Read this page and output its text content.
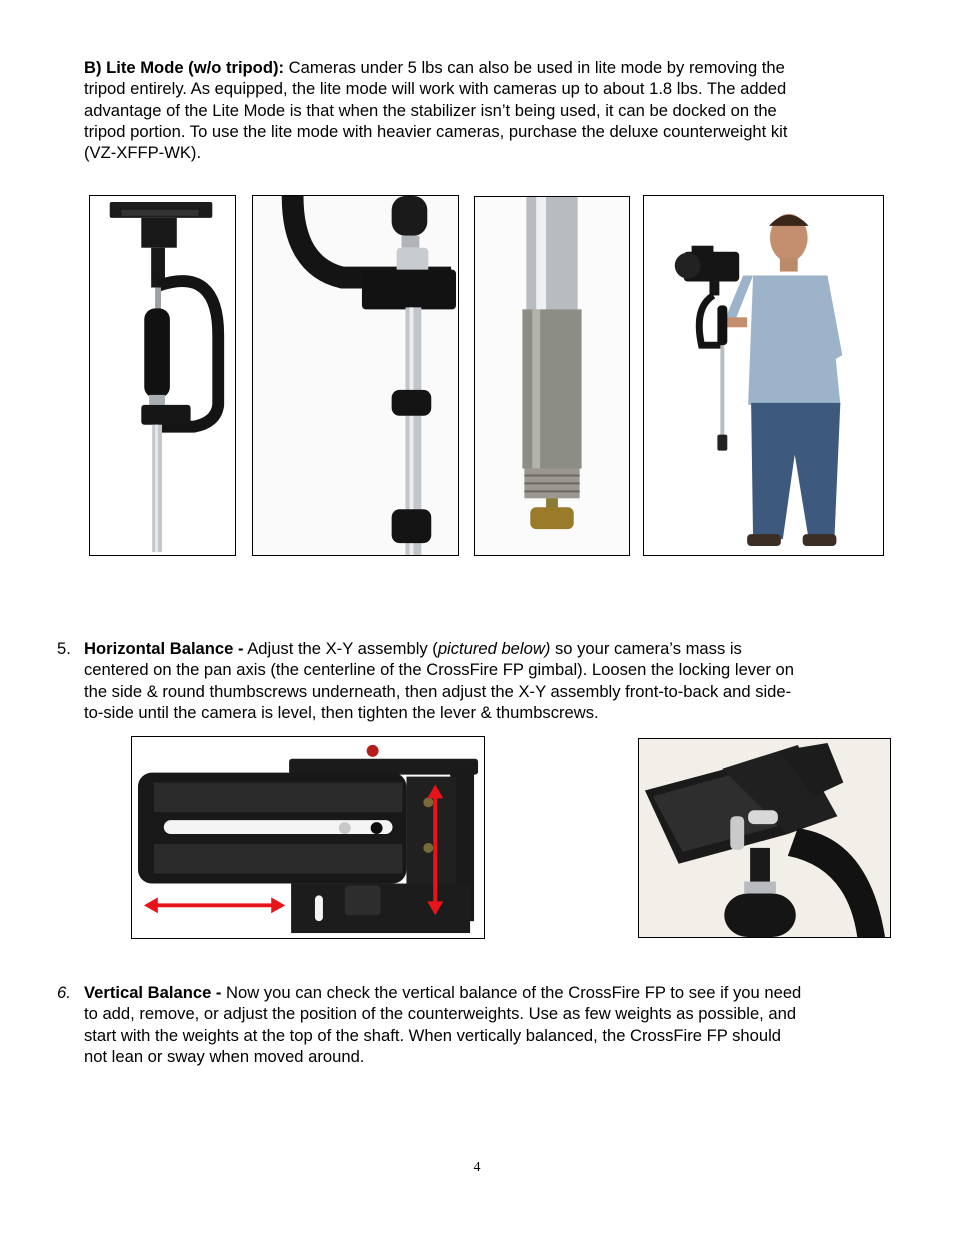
B) Lite Mode (w/o tripod): Cameras under 5 lbs can also be used in lite mode by removing the
tripod entirely. As equipped, the lite mode will work with cameras up to about 1.8 lbs. The added
advantage of the Lite Mode is that when the stabilizer isn’t being used, it can be docked on the
tripod portion. To use the lite mode with heavier cameras, purchase the deluxe counterweight kit
(VZ-XFFP-WK).
5. Horizontal Balance - Adjust the X-Y assembly (pictured below) so your camera’s mass is
centered on the pan axis (the centerline of the CrossFire FP gimbal). Loosen the locking lever on
the side & round thumbscrews underneath, then adjust the X-Y assembly front-to-back and side-
to-side until the camera is level, then tighten the lever & thumbscrews.
6. Vertical Balance - Now you can check the vertical balance of the CrossFire FP to see if you need
to add, remove, or adjust the position of the counterweights. Use as few weights as possible, and
start with the weights at the top of the shaft. When vertically balanced, the CrossFire FP should
not lean or sway when moved around.
4
